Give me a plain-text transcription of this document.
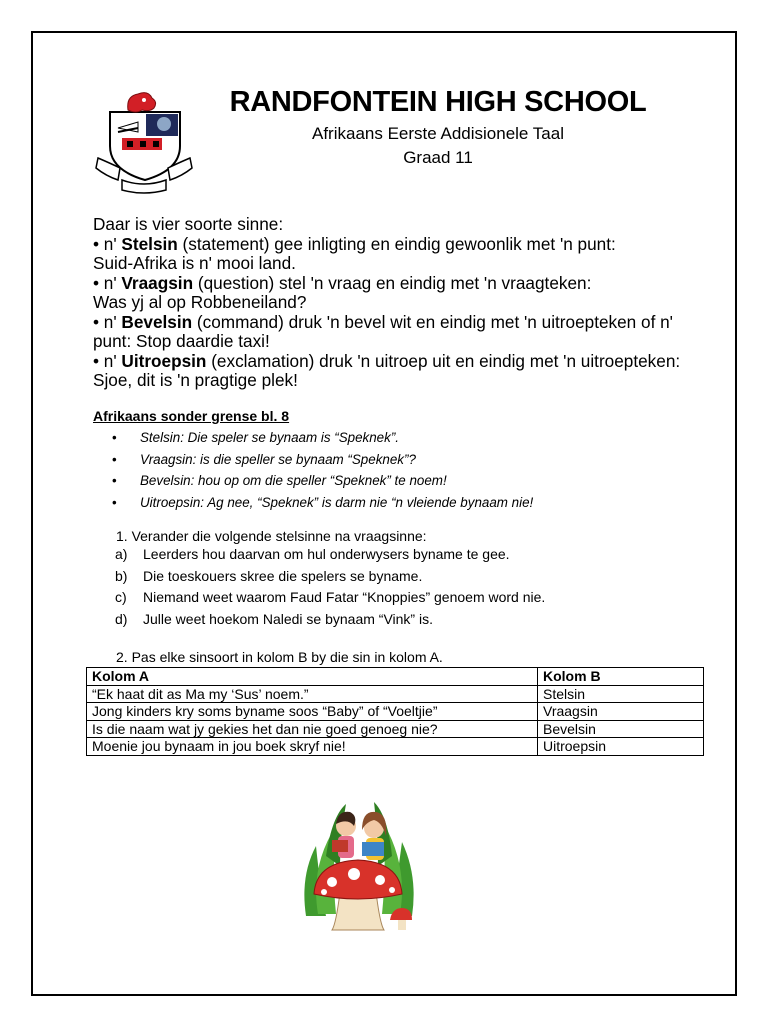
RANDFONTEIN HIGH SCHOOL
Afrikaans Eerste Addisionele Taal
Graad 11

Daar is vier soorte sinne:

• n' Stelsin (statement) gee inligting en eindig gewoonlik met 'n punt:

Suid-Afrika is n' mooi land.

• n' Vraagsin (question) stel 'n vraag en eindig met 'n vraagteken:

Was yj al op Robbeneiland?

• n' Bevelsin (command) druk 'n bevel wit en eindig met 'n uitroepteken of n' punt: Stop daardie taxi!

• n' Uitroepsin (exclamation) druk 'n uitroep uit en eindig met 'n uitroepteken: Sjoe, dit is 'n pragtige plek!

Afrikaans sonder grense bl. 8
• Stelsin: Die speler se bynaam is “Speknek”.
• Vraagsin: is die speller se bynaam “Speknek”?
• Bevelsin: hou op om die speller “Speknek” te noem!
• Uitroepsin: Ag nee, “Speknek” is darm nie “n vleiende bynaam nie!
1. Verander die volgende stelsinne na vraagsinne:
a) Leerders hou daarvan om hul onderwysers byname te gee.
b) Die toeskouers skree die spelers se byname.
c) Niemand weet waarom Faud Fatar “Knoppies” genoem word nie.
d) Julle weet hoekom Naledi se bynaam “Vink” is.
2. Pas elke sinsoort in kolom B by die sin in kolom A.
Kolom A	Kolom B
“Ek haat dit as Ma my ‘Sus’ noem.”	Stelsin
Jong kinders kry soms byname soos “Baby” of “Voeltjie”	Vraagsin
Is die naam wat jy gekies het dan nie goed genoeg nie?	Bevelsin
Moenie jou bynaam in jou boek skryf nie!	Uitroepsin
